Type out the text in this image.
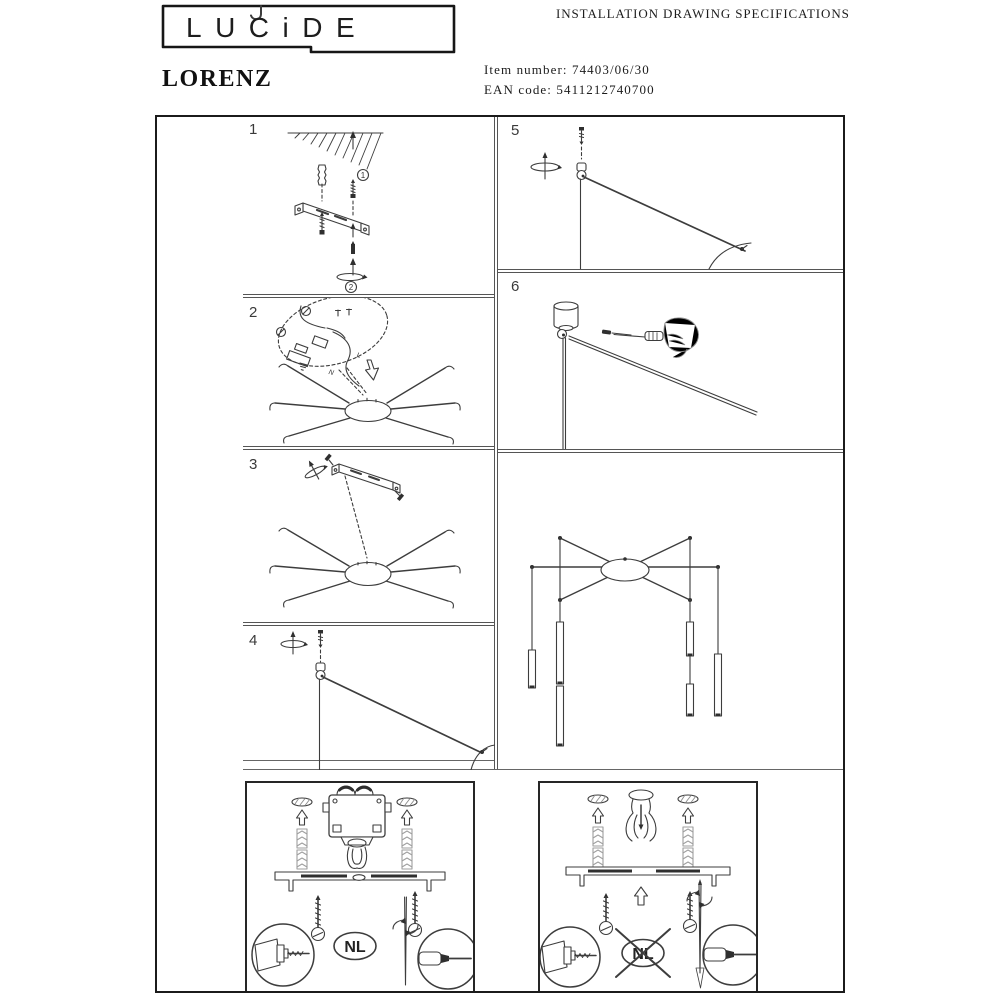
LUCiDE
LORENZ
INSTALLATION DRAWING SPECIFICATIONS
Item number: 74403/06/30
EAN code: 5411212740700
1
2
3
4
5
6
1
2
N
L
NL	NL
